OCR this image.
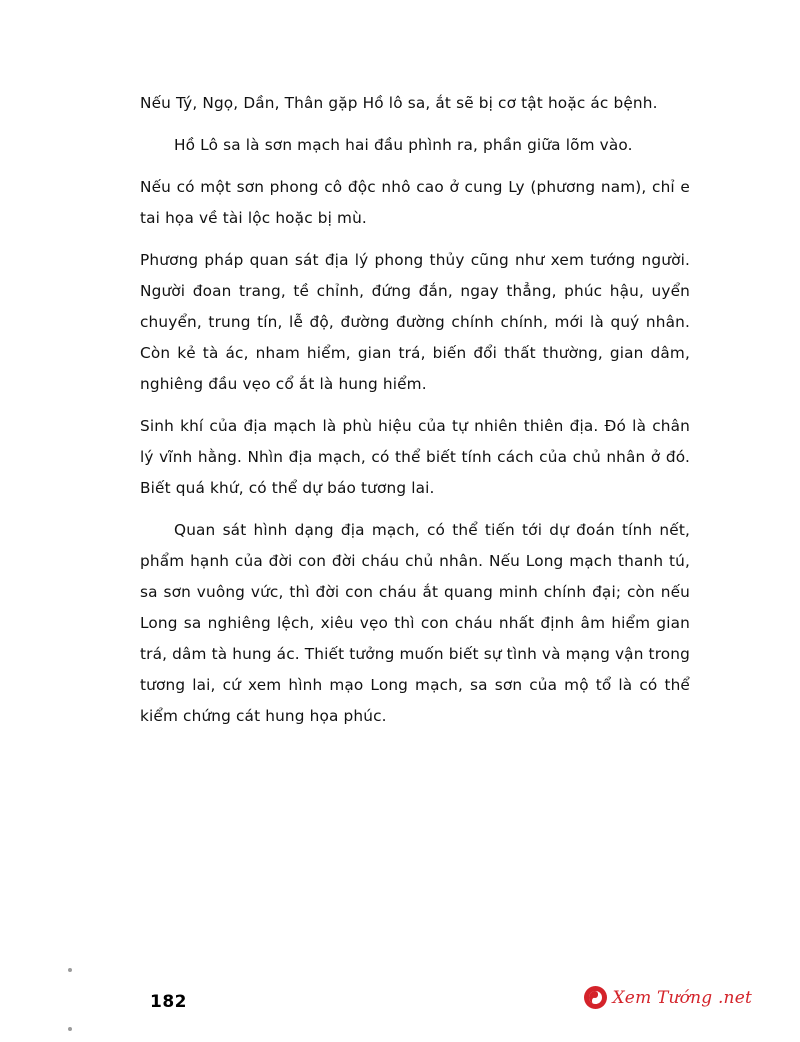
Nếu Tý, Ngọ, Dần, Thân gặp Hồ lô sa, ắt sẽ bị cơ tật hoặc ác bệnh.

Hồ Lô sa là sơn mạch hai đầu phình ra, phần giữa lõm vào.

Nếu có một sơn phong cô độc nhô cao ở cung Ly (phương nam), chỉ e tai họa về tài lộc hoặc bị mù.

Phương pháp quan sát địa lý phong thủy cũng như xem tướng người. Người đoan trang, tề chỉnh, đứng đắn, ngay thẳng, phúc hậu, uyển chuyển, trung tín, lễ độ, đường đường chính chính, mới là quý nhân. Còn kẻ tà ác, nham hiểm, gian trá, biến đổi thất thường, gian dâm, nghiêng đầu vẹo cổ ắt là hung hiểm.

Sinh khí của địa mạch là phù hiệu của tự nhiên thiên địa. Đó là chân lý vĩnh hằng. Nhìn địa mạch, có thể biết tính cách của chủ nhân ở đó. Biết quá khứ, có thể dự báo tương lai.

Quan sát hình dạng địa mạch, có thể tiến tới dự đoán tính nết, phẩm hạnh của đời con đời cháu chủ nhân. Nếu Long mạch thanh tú, sa sơn vuông vức, thì đời con cháu ắt quang minh chính đại; còn nếu Long sa nghiêng lệch, xiêu vẹo thì con cháu nhất định âm hiểm gian trá, dâm tà hung ác. Thiết tưởng muốn biết sự tình và mạng vận trong tương lai, cứ xem hình mạo Long mạch, sa sơn của mộ tổ là có thể kiểm chứng cát hung họa phúc.

182	Xem Tướng .net
